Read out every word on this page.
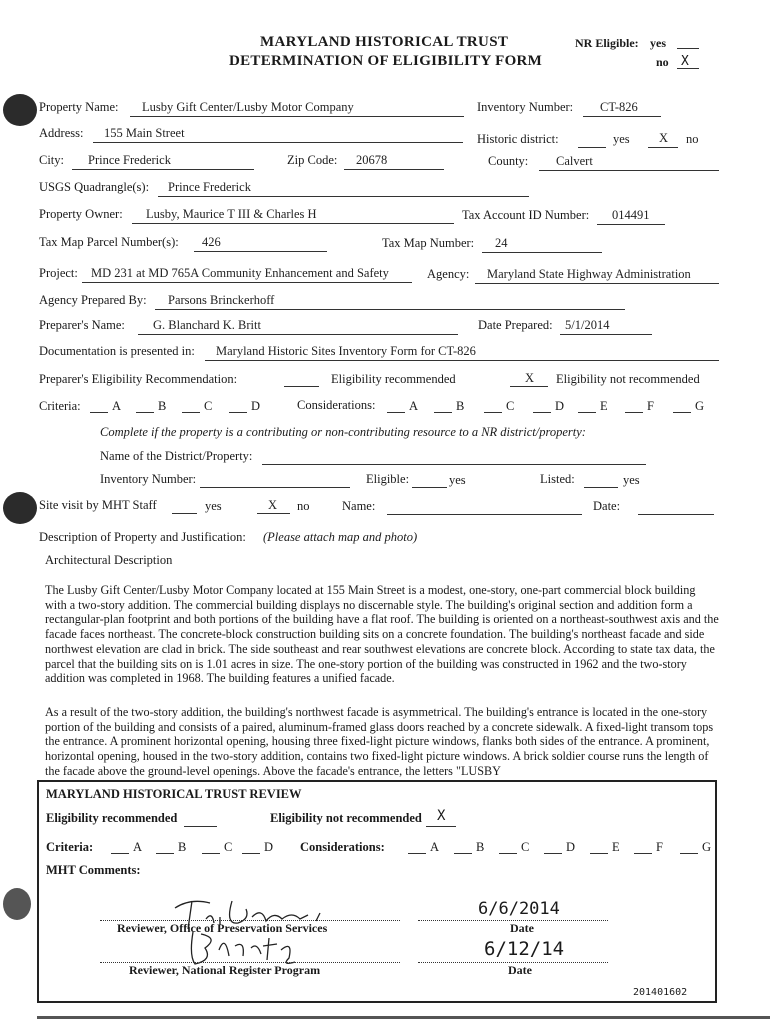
MARYLAND HISTORICAL TRUST
DETERMINATION OF ELIGIBILITY FORM
NR Eligible: yes
no X
Property Name: Lusby Gift Center/Lusby Motor Company	Inventory Number: CT-826
Address: 155 Main Street	Historic district:	yes X no
City: Prince Frederick	Zip Code: 20678	County: Calvert
USGS Quadrangle(s): Prince Frederick
Property Owner: Lusby, Maurice T III & Charles H	Tax Account ID Number: 014491
Tax Map Parcel Number(s): 426	Tax Map Number: 24
Project: MD 231 at MD 765A Community Enhancement and Safety	Agency: Maryland State Highway Administration
Agency Prepared By: Parsons Brinckerhoff
Preparer's Name: G. Blanchard K. Britt	Date Prepared: 5/1/2014
Documentation is presented in: Maryland Historic Sites Inventory Form for CT-826
Preparer's Eligibility Recommendation:	Eligibility recommended	X Eligibility not recommended
Criteria:	A	B	C	D	Considerations:	A	B	C	D	E	F	G
Complete if the property is a contributing or non-contributing resource to a NR district/property:
Name of the District/Property:
Inventory Number:	Eligible:	yes	Listed:	yes
Site visit by MHT Staff	yes	X no	Name:	Date:
Description of Property and Justification: (Please attach map and photo)
Architectural Description
The Lusby Gift Center/Lusby Motor Company located at 155 Main Street is a modest, one-story, one-part commercial block building with a two-story addition. The commercial building displays no discernable style. The building's original section and addition form a rectangular-plan footprint and both portions of the building have a flat roof. The building is oriented on a northeast-southwest axis and the facade faces northeast. The concrete-block construction building sits on a concrete foundation. The building's northeast facade and side northwest elevation are clad in brick. The side southeast and rear southwest elevations are concrete block. According to state tax data, the parcel that the building sits on is 1.01 acres in size. The one-story portion of the building was constructed in 1962 and the two-story addition was completed in 1968. The building features a unified facade.
As a result of the two-story addition, the building's northwest facade is asymmetrical. The building's entrance is located in the one-story portion of the building and consists of a paired, aluminum-framed glass doors reached by a concrete sidewalk. A fixed-light transom tops the entrance. A prominent horizontal opening, housing three fixed-light picture windows, flanks both sides of the entrance. A prominent, horizontal opening, housed in the two-story addition, contains two fixed-light picture windows. A brick soldier course runs the length of the facade above the ground-level openings. Above the facade's entrance, the letters "LUSBY
MARYLAND HISTORICAL TRUST REVIEW
Eligibility recommended	Eligibility not recommended X
Criteria:	A	B	C	D Considerations:	A	B	C	D	E	F	G
MHT Comments:
Reviewer, Office of Preservation Services
6/6/2014
Date
Reviewer, National Register Program
6/12/14
Date
201401602
